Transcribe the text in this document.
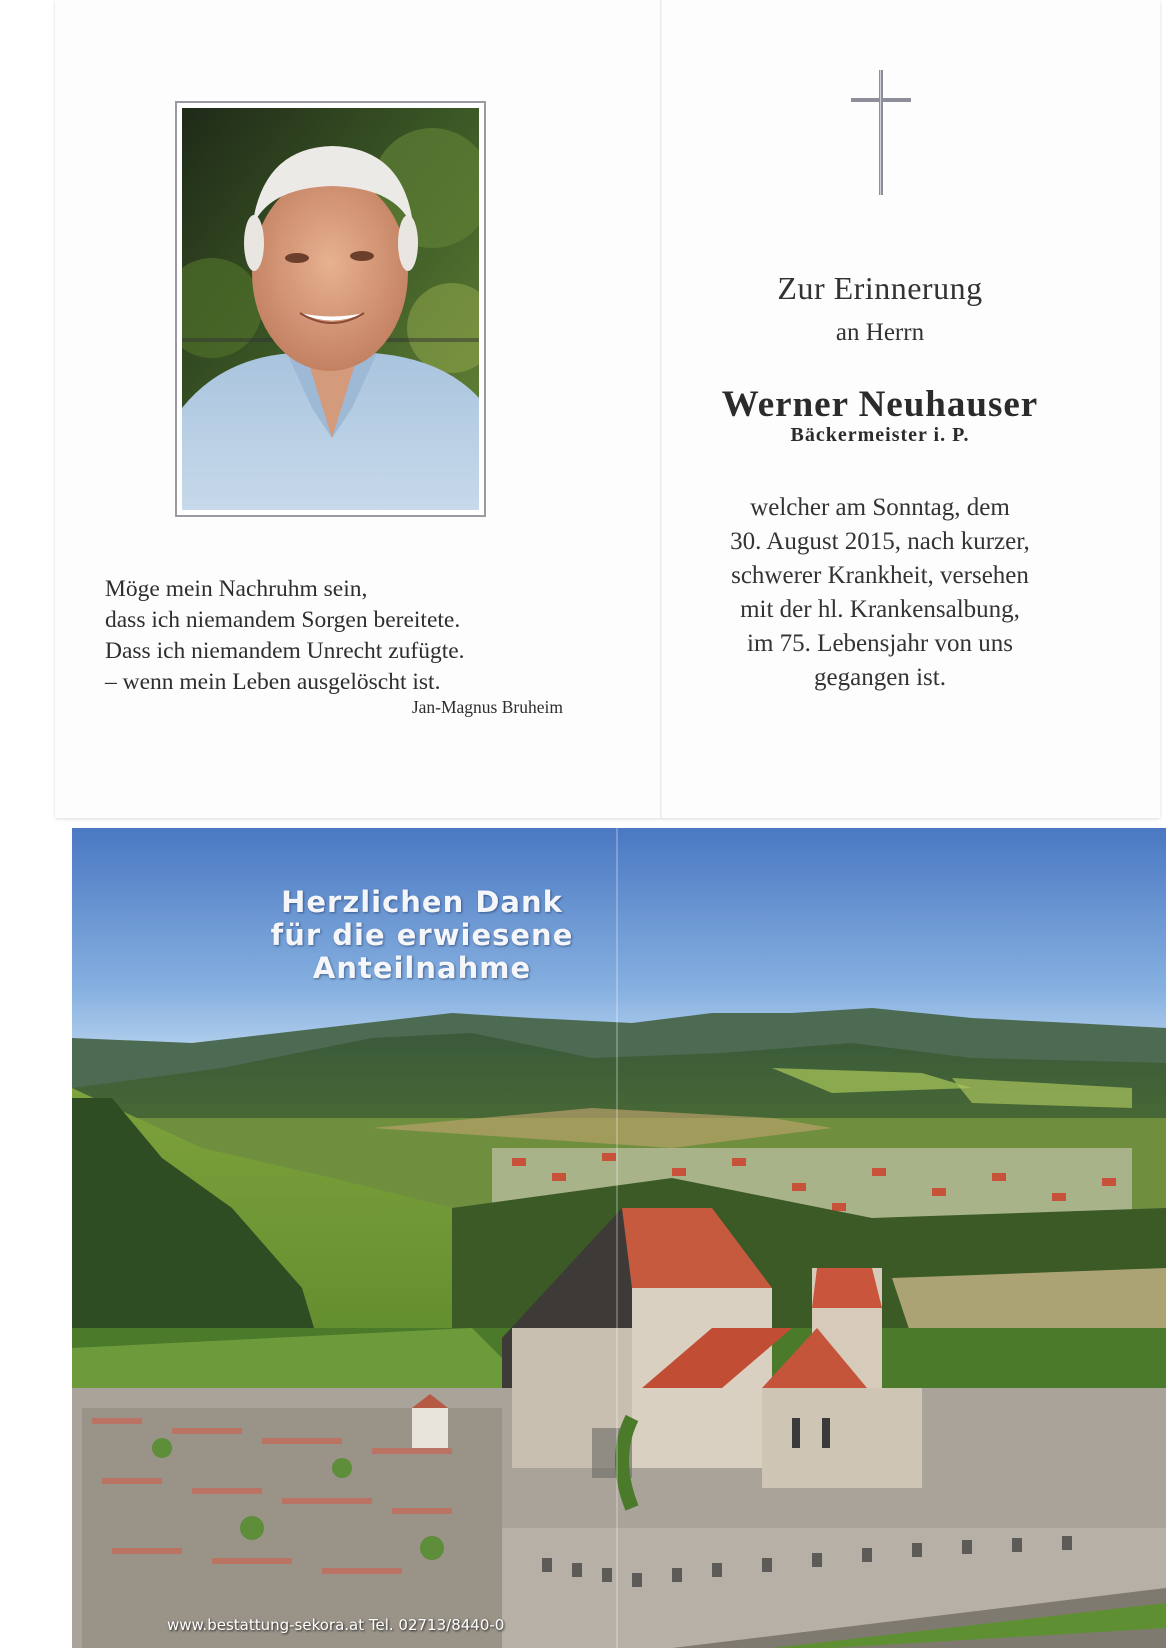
Möge mein Nachruhm sein,
dass ich niemandem Sorgen bereitete.
Dass ich niemandem Unrecht zufügte.
– wenn mein Leben ausgelöscht ist.
Jan-Magnus Bruheim
Zur Erinnerung
an Herrn
Werner Neuhauser
Bäckermeister i. P.
welcher am Sonntag, dem
30. August 2015, nach kurzer,
schwerer Krankheit, versehen
mit der hl. Krankensalbung,
im 75. Lebensjahr von uns
gegangen ist.
Herzlichen Dank
für die erwiesene
Anteilnahme
www.bestattung-sekora.at Tel. 02713/8440-0
